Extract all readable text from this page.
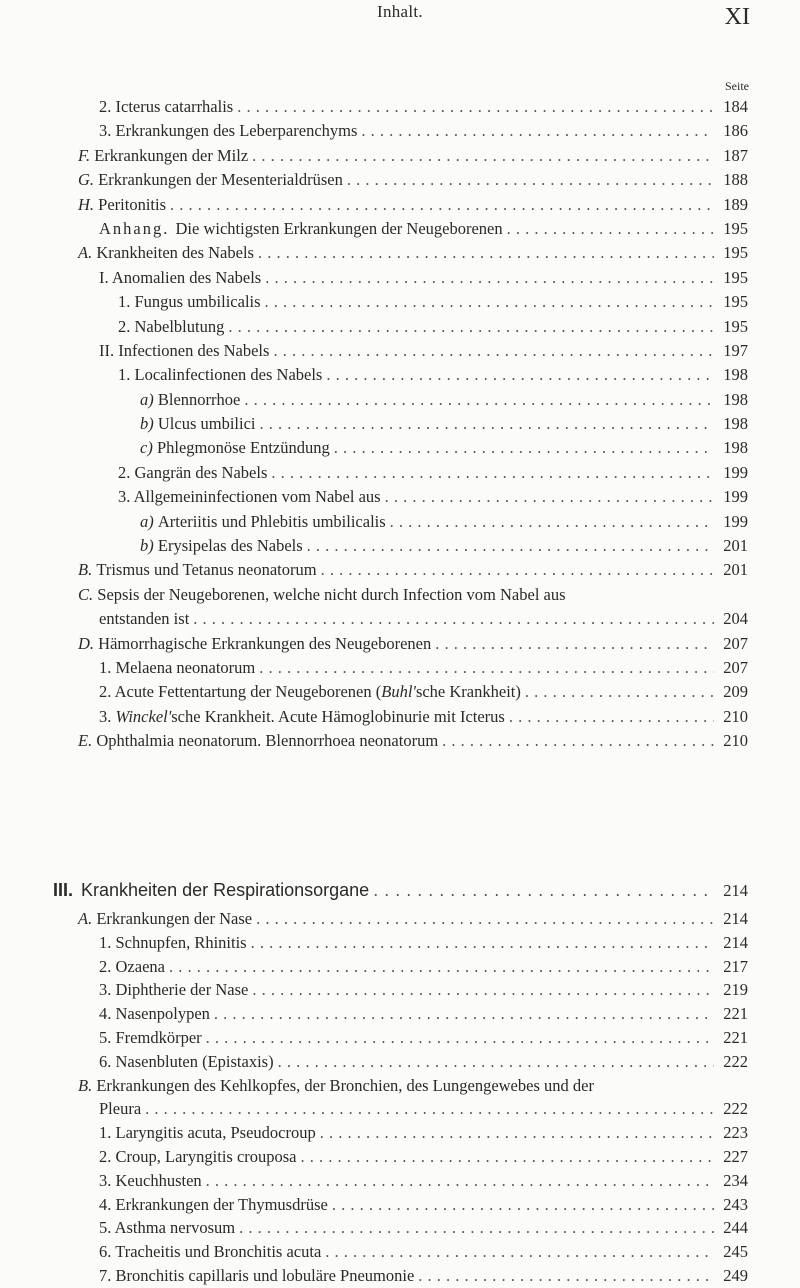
Inhalt.	XI
Seite
2. Icterus catarrhalis . . .	184
3. Erkrankungen des Leberparenchyms . . .	186
F. Erkrankungen der Milz . . .	187
G. Erkrankungen der Mesenterialdrüsen . . .	188
H. Peritonitis . . .	189
Anhang. Die wichtigsten Erkrankungen der Neugeborenen . . .	195
A. Krankheiten des Nabels . . .	195
I. Anomalien des Nabels . . .	195
1. Fungus umbilicalis . . .	195
2. Nabelblutung . . .	195
II. Infectionen des Nabels . . .	197
1. Localinfectionen des Nabels . . .	198
a) Blennorrhoe . . .	198
b) Ulcus umbilici . . .	198
c) Phlegmonöse Entzündung . . .	198
2. Gangrän des Nabels . . .	199
3. Allgemeininfectionen vom Nabel aus . . .	199
a) Arteriitis und Phlebitis umbilicalis . . .	199
b) Erysipelas des Nabels . . .	201
B. Trismus und Tetanus neonatorum . . .	201
C. Sepsis der Neugeborenen, welche nicht durch Infection vom Nabel aus
entstanden ist . . .	204
D. Hämorrhagische Erkrankungen des Neugeborenen . . .	207
1. Melaena neonatorum . . .	207
2. Acute Fettentartung der Neugeborenen (Buhl'sche Krankheit) . . .	209
3. Winckel'sche Krankheit. Acute Hämoglobinurie mit Icterus . . .	210
E. Ophthalmia neonatorum. Blennorrhoea neonatorum . . .	210
III. Krankheiten der Respirationsorgane . . .	214
A. Erkrankungen der Nase . . .	214
1. Schnupfen, Rhinitis . . .	214
2. Ozaena . . .	217
3. Diphtherie der Nase . . .	219
4. Nasenpolypen . . .	221
5. Fremdkörper . . .	221
6. Nasenbluten (Epistaxis) . . .	222
B. Erkrankungen des Kehlkopfes, der Bronchien, des Lungengewebes und der
Pleura . . .	222
1. Laryngitis acuta, Pseudocroup . . .	223
2. Croup, Laryngitis crouposa . . .	227
3. Keuchhusten . . .	234
4. Erkrankungen der Thymusdrüse . . .	243
5. Asthma nervosum . . .	244
6. Tracheitis und Bronchitis acuta . . .	245
7. Bronchitis capillaris und lobuläre Pneumonie . . .	249
